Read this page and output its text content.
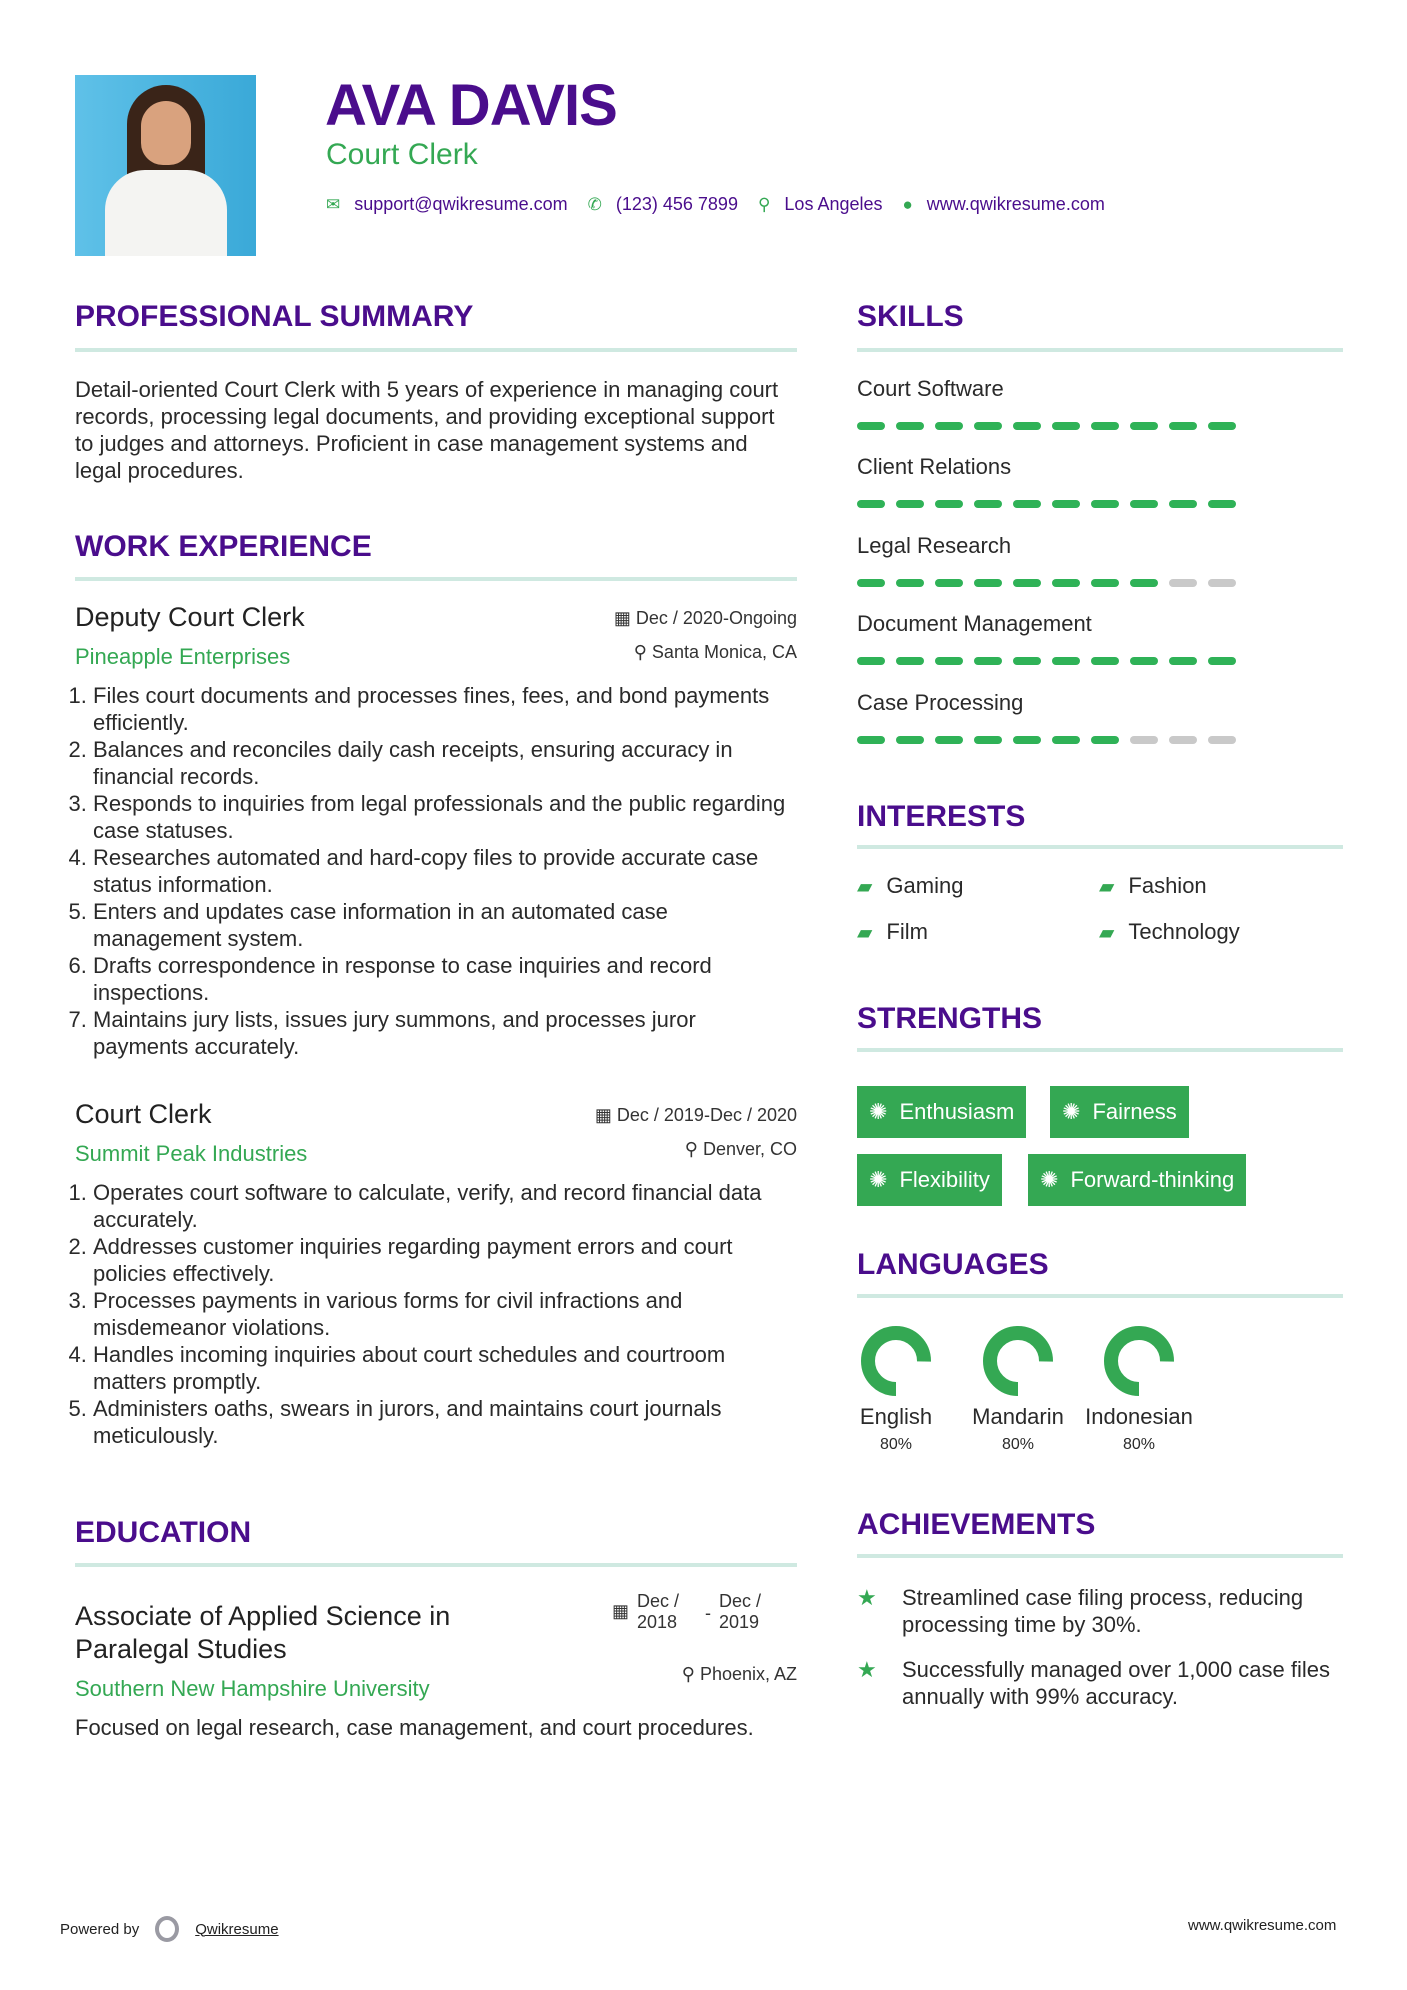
AVA DAVIS
Court Clerk
✉ support@qwikresume.com ✆ (123) 456 7899 ⚲ Los Angeles ● www.qwikresume.com
PROFESSIONAL SUMMARY
Detail-oriented Court Clerk with 5 years of experience in managing court records, processing legal documents, and providing exceptional support to judges and attorneys. Proficient in case management systems and legal procedures.
WORK EXPERIENCE
Deputy Court Clerk
Pineapple Enterprises
▦ Dec / 2020-Ongoing
⚲ Santa Monica, CA
1. Files court documents and processes fines, fees, and bond payments efficiently.
2. Balances and reconciles daily cash receipts, ensuring accuracy in financial records.
3. Responds to inquiries from legal professionals and the public regarding case statuses.
4. Researches automated and hard-copy files to provide accurate case status information.
5. Enters and updates case information in an automated case management system.
6. Drafts correspondence in response to case inquiries and record inspections.
7. Maintains jury lists, issues jury summons, and processes juror payments accurately.
Court Clerk
Summit Peak Industries
▦ Dec / 2019-Dec / 2020
⚲ Denver, CO
1. Operates court software to calculate, verify, and record financial data accurately.
2. Addresses customer inquiries regarding payment errors and court policies effectively.
3. Processes payments in various forms for civil infractions and misdemeanor violations.
4. Handles incoming inquiries about court schedules and courtroom matters promptly.
5. Administers oaths, swears in jurors, and maintains court journals meticulously.
EDUCATION
Associate of Applied Science in Paralegal Studies
Southern New Hampshire University
▦ Dec / 2018	-
Dec / 2019
⚲ Phoenix, AZ
Focused on legal research, case management, and court procedures.
SKILLS
Court Software
Client Relations
Legal Research
Document Management
Case Processing
INTERESTS
▰ Gaming	▰ Fashion
▰ Film	▰ Technology
STRENGTHS
✺ Enthusiasm ✺ Fairness
✺ Flexibility ✺ Forward-thinking
LANGUAGES
English
80%
Mandarin
80%
Indonesian
80%
ACHIEVEMENTS
★	Streamlined case filing process, reducing processing time by 30%.
★	Successfully managed over 1,000 case files annually with 99% accuracy.
Powered by	Qwikresume	www.qwikresume.com
